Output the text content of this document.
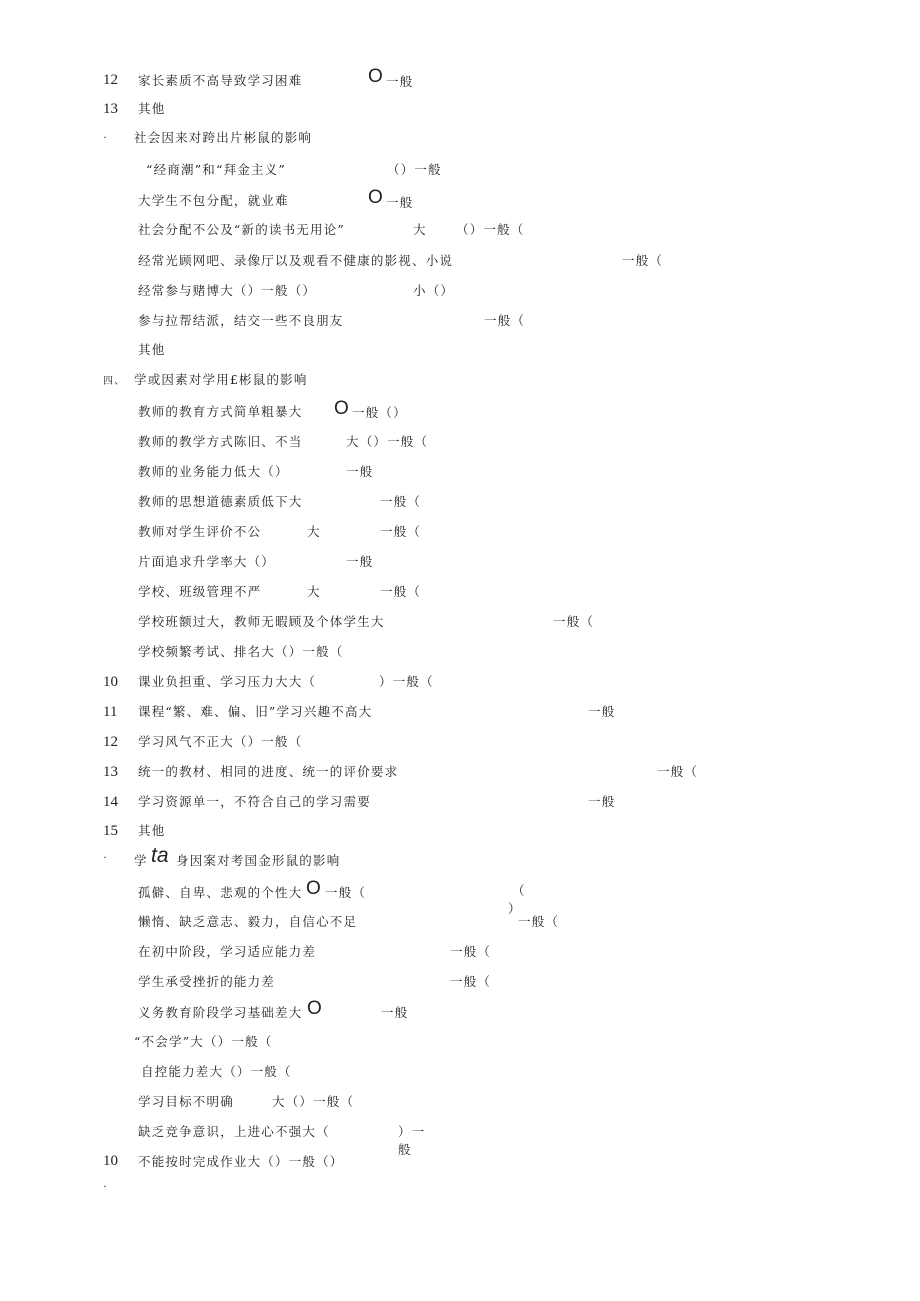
12 家长素质不高导致学习困难	O 一般
13 其他
· 社会因来对跨出片彬鼠的影响
“经商潮”和“拜金主义”	（）一般
大学生不包分配，就业难	O 一般
社会分配不公及“新的读书无用论”	大 （）一般（
经常光顾网吧、录像厅以及观看不健康的影视、小说	一般（
经常参与赌博大（）一般（）	小（）
参与拉帮结派，结交一些不良朋友	一般（
其他
四、 学或因素对学用£彬鼠的影响
教师的教育方式简单粗暴大 O 一般（）
教师的教学方式陈旧、不当	大（）一般（
教师的业务能力低大（）	一般
教师的思想道德素质低下大	一般（
教师对学生评价不公	大	一般（
片面追求升学率大（）	一般
学校、班级管理不严	大	一般（
学校班额过大，教师无暇顾及个体学生大	一般（
学校频繁考试、排名大（）一般（
10 课业负担重、学习压力大大（	）一般（
11 课程“繁、难、偏、旧”学习兴趣不高大	一般
12 学习风气不正大（）一般（
13 统一的教材、相同的进度、统一的评价要求	一般（
14 学习资源单一，不符合自己的学习需要	一般
15 其他
· 学 ta 身因案对考国金形鼠的影响
孤僻、自卑、悲观的个性大 O 一般（	（
）
懒惰、缺乏意志、毅力，自信心不足	一般（
在初中阶段，学习适应能力差	一般（
学生承受挫折的能力差	一般（
义务教育阶段学习基础差大 O	一般
“不会学”大（）一般（
自控能力差大（）一般（
学习目标不明确	大（）一般（
缺乏竞争意识，上进心不强大（	）一
般
10 不能按时完成作业大（）一般（）
·
